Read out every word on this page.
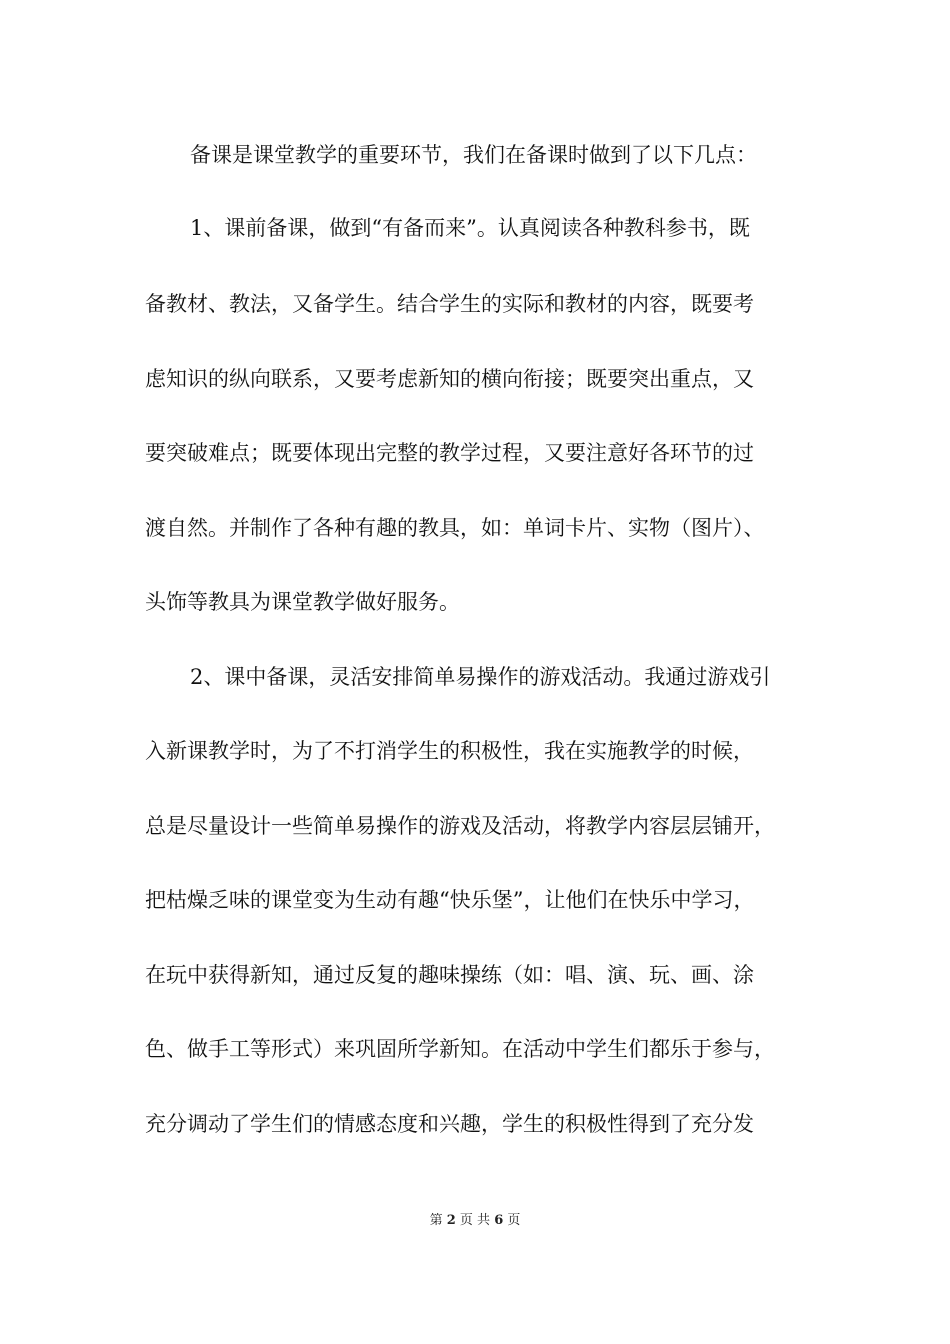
备课是课堂教学的重要环节，我们在备课时做到了以下几点：

1、课前备课，做到“有备而来”。认真阅读各种教科参书，既

备教材、教法，又备学生。结合学生的实际和教材的内容，既要考

虑知识的纵向联系，又要考虑新知的横向衔接；既要突出重点，又

要突破难点；既要体现出完整的教学过程，又要注意好各环节的过

渡自然。并制作了各种有趣的教具，如：单词卡片、实物（图片）、

头饰等教具为课堂教学做好服务。

2、课中备课，灵活安排简单易操作的游戏活动。我通过游戏引

入新课教学时，为了不打消学生的积极性，我在实施教学的时候，

总是尽量设计一些简单易操作的游戏及活动，将教学内容层层铺开，

把枯燥乏味的课堂变为生动有趣“快乐堡”，让他们在快乐中学习，

在玩中获得新知，通过反复的趣味操练（如：唱、演、玩、画、涂

色、做手工等形式）来巩固所学新知。在活动中学生们都乐于参与，

充分调动了学生们的情感态度和兴趣，学生的积极性得到了充分发

第 2 页 共 6 页
